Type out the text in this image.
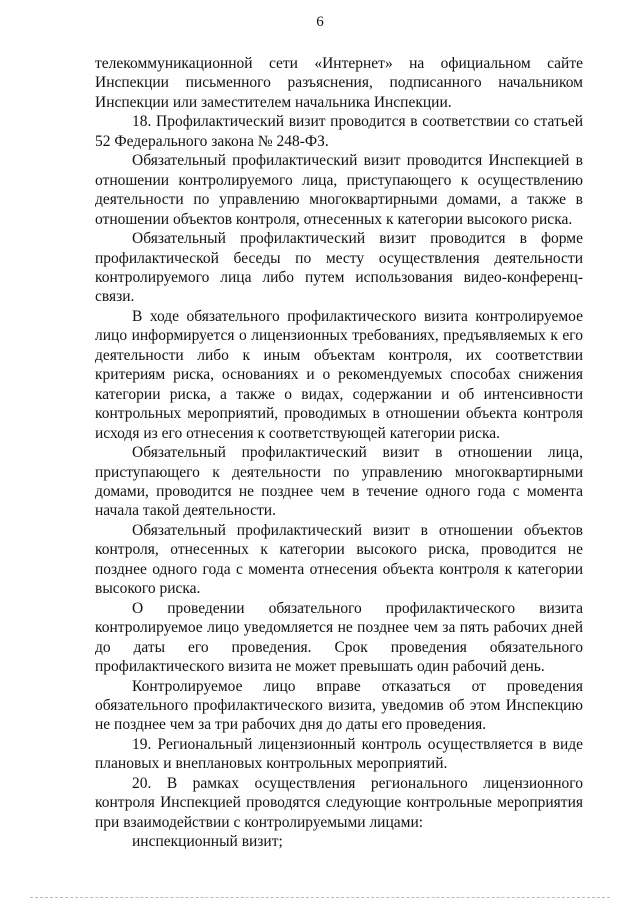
6

телекоммуникационной сети «Интернет» на официальном сайте Инспекции письменного разъяснения, подписанного начальником Инспекции или заместителем начальника Инспекции.

18. Профилактический визит проводится в соответствии со статьей 52 Федерального закона № 248-ФЗ.

Обязательный профилактический визит проводится Инспекцией в отношении контролируемого лица, приступающего к осуществлению деятельности по управлению многоквартирными домами, а также в отношении объектов контроля, отнесенных к категории высокого риска.

Обязательный профилактический визит проводится в форме профилактической беседы по месту осуществления деятельности контролируемого лица либо путем использования видео-конференц-связи.

В ходе обязательного профилактического визита контролируемое лицо информируется о лицензионных требованиях, предъявляемых к его деятельности либо к иным объектам контроля, их соответствии критериям риска, основаниях и о рекомендуемых способах снижения категории риска, а также о видах, содержании и об интенсивности контрольных мероприятий, проводимых в отношении объекта контроля исходя из его отнесения к соответствующей категории риска.

Обязательный профилактический визит в отношении лица, приступающего к деятельности по управлению многоквартирными домами, проводится не позднее чем в течение одного года с момента начала такой деятельности.

Обязательный профилактический визит в отношении объектов контроля, отнесенных к категории высокого риска, проводится не позднее одного года с момента отнесения объекта контроля к категории высокого риска.

О проведении обязательного профилактического визита контролируемое лицо уведомляется не позднее чем за пять рабочих дней до даты его проведения. Срок проведения обязательного профилактического визита не может превышать один рабочий день.

Контролируемое лицо вправе отказаться от проведения обязательного профилактического визита, уведомив об этом Инспекцию не позднее чем за три рабочих дня до даты его проведения.

19. Региональный лицензионный контроль осуществляется в виде плановых и внеплановых контрольных мероприятий.

20. В рамках осуществления регионального лицензионного контроля Инспекцией проводятся следующие контрольные мероприятия при взаимодействии с контролируемыми лицами:

инспекционный визит;
